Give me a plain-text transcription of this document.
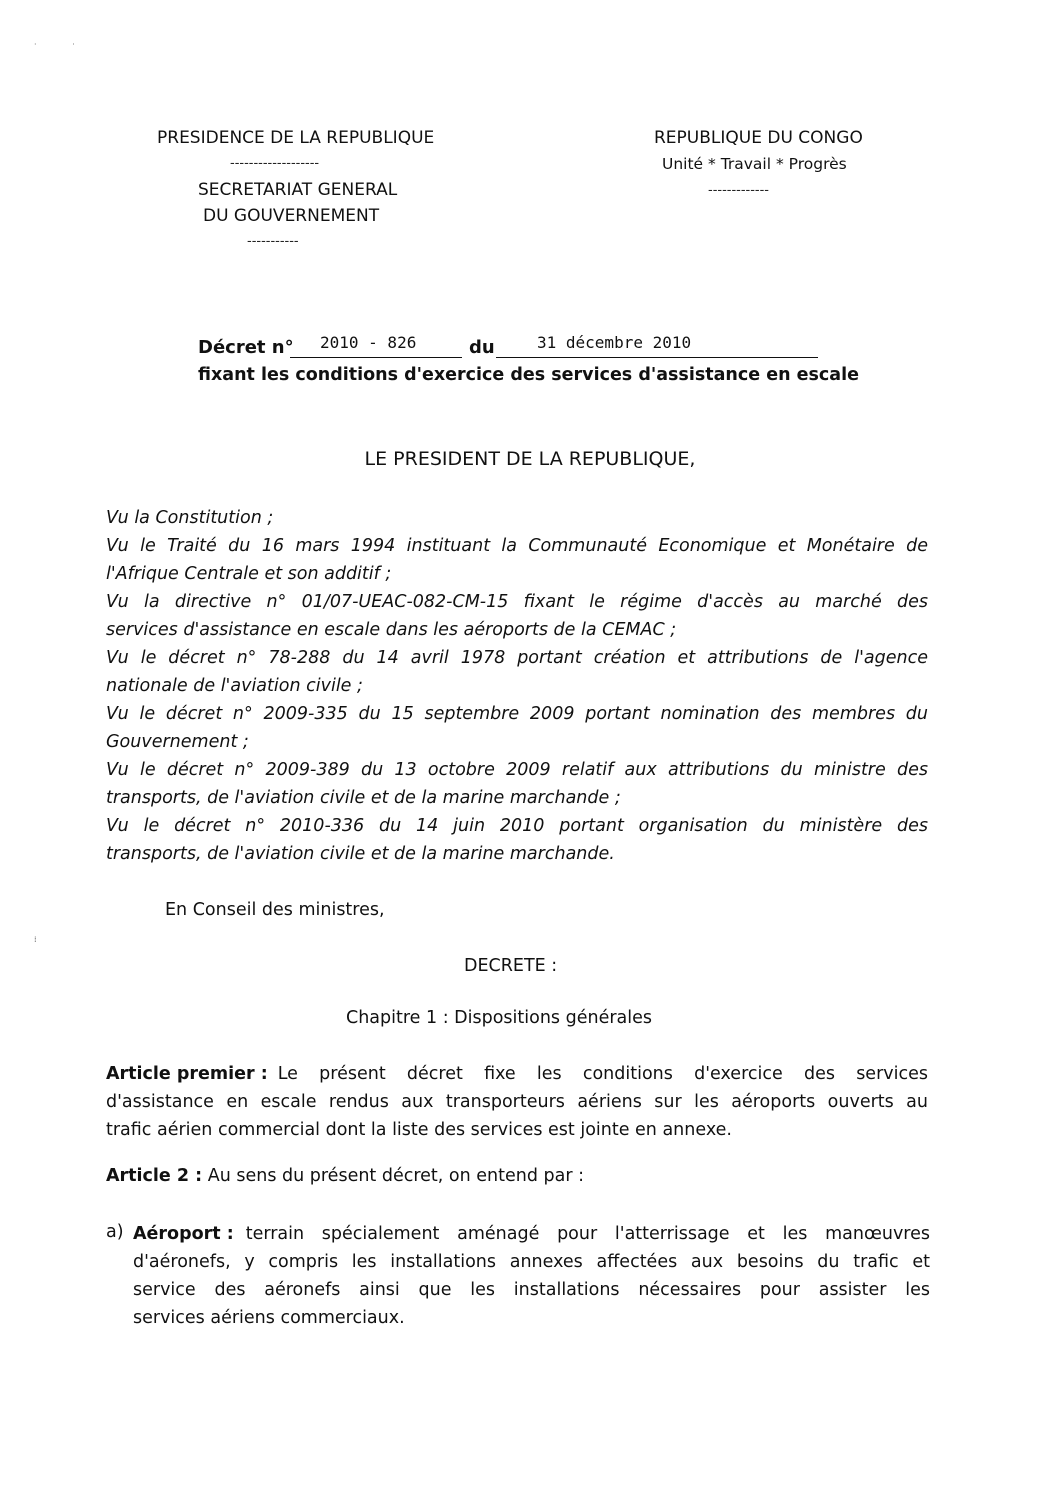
·              ·
⁞
PRESIDENCE DE LA REPUBLIQUE
-------------------
SECRETARIAT GENERAL
DU GOUVERNEMENT
-----------
REPUBLIQUE DU CONGO
Unité * Travail * Progrès
-------------
Décret n° 2010 - 826	du	31 décembre 2010
fixant les conditions d'exercice des services d'assistance en escale
LE PRESIDENT DE LA REPUBLIQUE,
Vu la Constitution ;
Vu le Traité du 16 mars 1994 instituant la Communauté Economique et Monétaire de
l'Afrique Centrale et son additif ;
Vu la directive n° 01/07-UEAC-082-CM-15 fixant le régime d'accès au marché des
services d'assistance en escale dans les aéroports de la CEMAC ;
Vu le décret n° 78-288 du 14 avril 1978 portant création et attributions de l'agence
nationale de l'aviation civile ;
Vu le décret n° 2009-335 du 15 septembre 2009 portant nomination des membres du
Gouvernement ;
Vu le décret n° 2009-389 du 13 octobre 2009 relatif aux attributions du ministre des
transports, de l'aviation civile et de la marine marchande ;
Vu le décret n° 2010-336 du 14 juin 2010 portant organisation du ministère des
transports, de l'aviation civile et de la marine marchande.
En Conseil des ministres,
DECRETE :
Chapitre 1 : Dispositions générales
Article premier : Le présent décret fixe les conditions d'exercice des services
d'assistance en escale rendus aux transporteurs aériens sur les aéroports ouverts au
trafic aérien commercial dont la liste des services est jointe en annexe.
Article 2 : Au sens du présent décret, on entend par :
a) Aéroport : terrain spécialement aménagé pour l'atterrissage et les manœuvres
d'aéronefs, y compris les installations annexes affectées aux besoins du trafic et
service des aéronefs ainsi que les installations nécessaires pour assister les
services aériens commerciaux.
